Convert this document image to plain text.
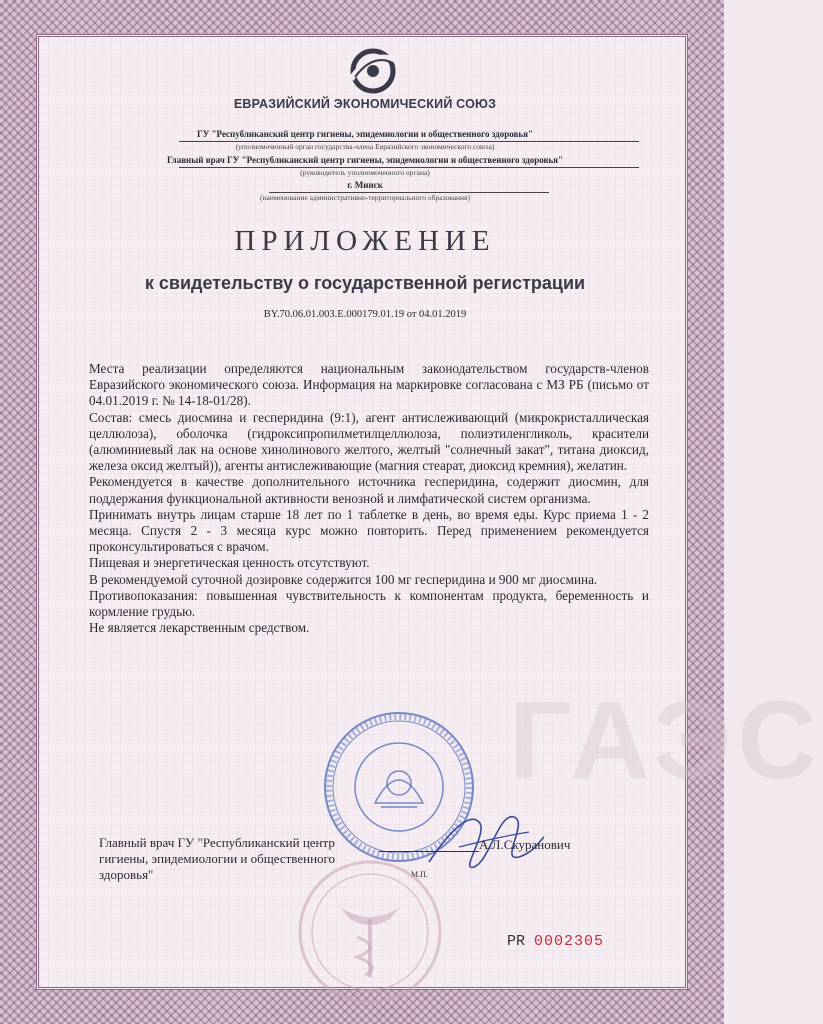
ГАЭС
ЕВРАЗИЙСКИЙ ЭКОНОМИЧЕСКИЙ СОЮЗ
ГУ "Республиканский центр гигиены, эпидемиологии и общественного здоровья"
(уполномоченный орган государства-члена Евразийского экономического союза)
Главный врач ГУ "Республиканский центр гигиены, эпидемиологии и общественного здоровья"
(руководитель уполномоченного органа)
г. Минск
(наименование административно-территориального образования)
ПРИЛОЖЕНИЕ
к свидетельству о государственной регистрации
BY.70.06.01.003.Е.000179.01.19 от 04.01.2019

Места реализации определяются национальным законодательством государств-членов Евразийского экономического союза. Информация на маркировке согласована с МЗ РБ (письмо от 04.01.2019 г. № 14-18-01/28).

Состав: смесь диосмина и гесперидина (9:1), агент антислеживающий (микрокристаллическая целлюлоза), оболочка (гидроксипропилметилцеллюлоза, полиэтиленгликоль, красители (алюминиевый лак на основе хинолинового желтого, желтый "солнечный закат", титана диоксид, железа оксид желтый)), агенты антислеживающие (магния стеарат, диоксид кремния), желатин.

Рекомендуется в качестве дополнительного источника гесперидина, содержит диосмин, для поддержания функциональной активности венозной и лимфатической систем организма.

Принимать внутрь лицам старше 18 лет по 1 таблетке в день, во время еды. Курс приема 1 - 2 месяца. Спустя 2 - 3 месяца курс можно повторить. Перед применением рекомендуется проконсультироваться с врачом.

Пищевая и энергетическая ценность отсутствуют.

В рекомендуемой суточной дозировке содержится 100 мг гесперидина и 900 мг диосмина.

Противопоказания: повышенная чувствительность к компонентам продукта, беременность и кормление грудью.

Не является лекарственным средством.

Главный врач ГУ "Республиканский центр гигиены, эпидемиологии и общественного здоровья"
А.Л.Скуранович
М.П.
PR 0002305
